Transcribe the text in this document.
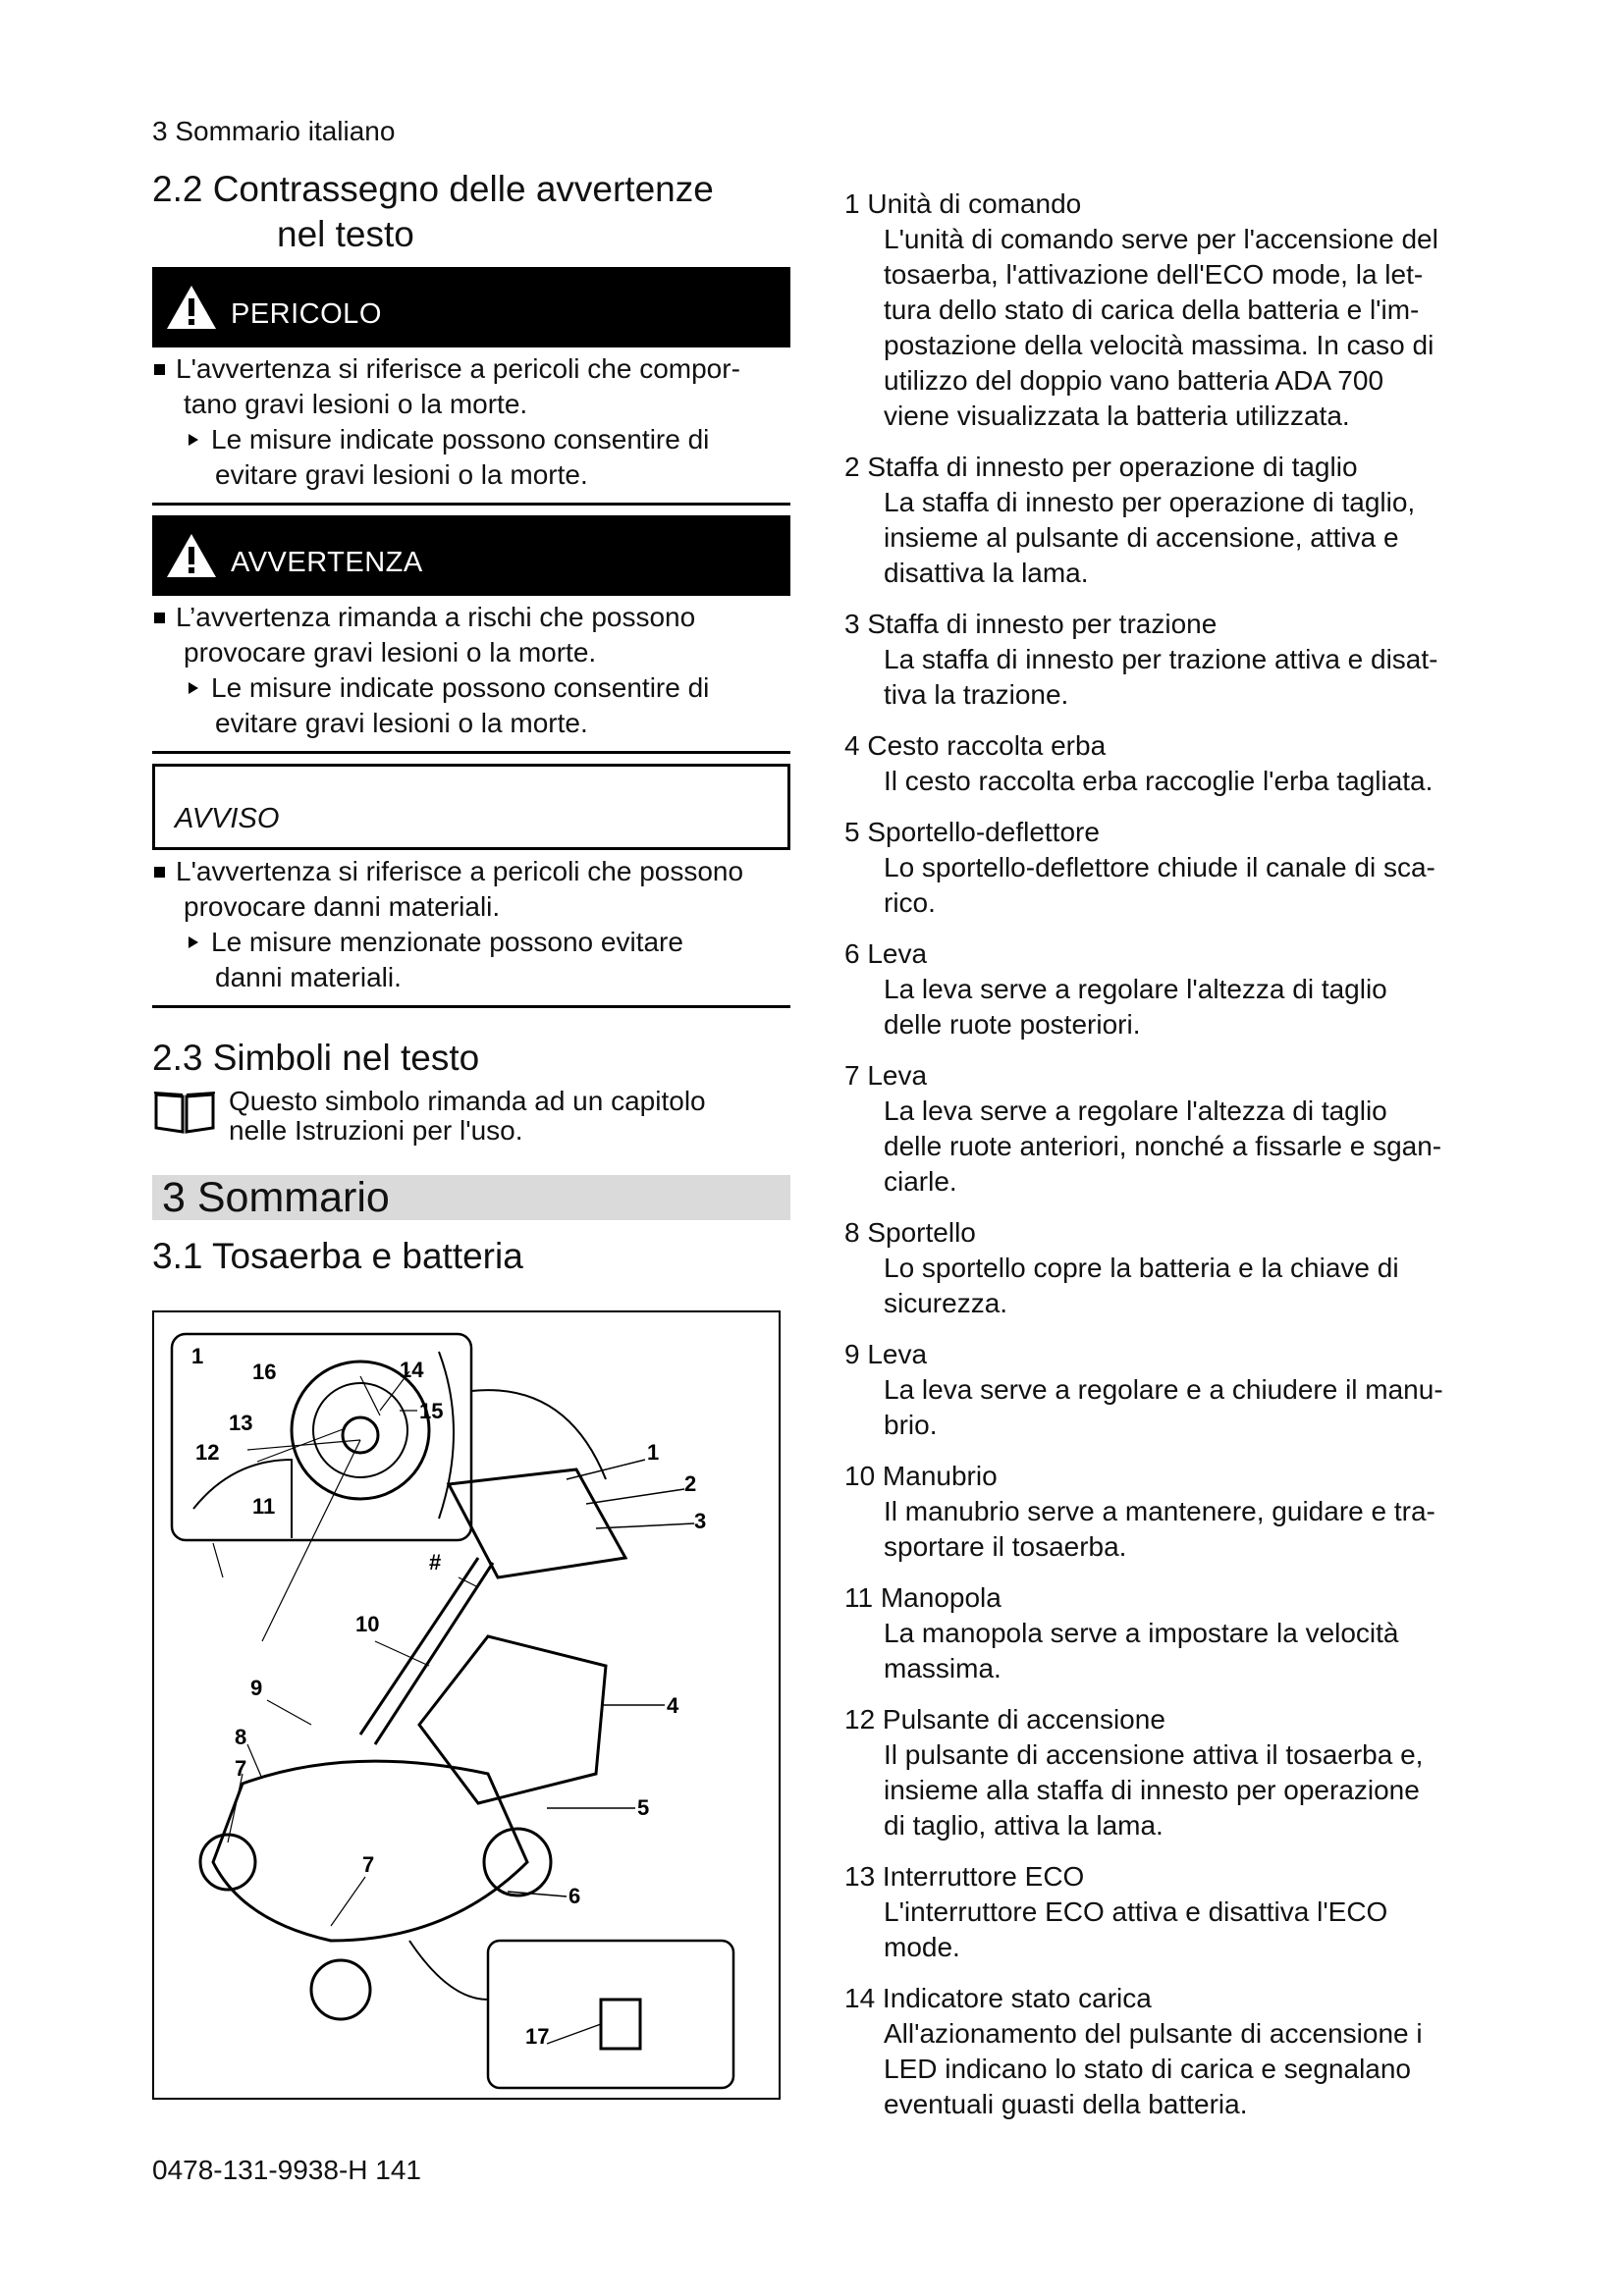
3 Sommario italiano
2.2 Contrassegno delle avvertenze
nel testo
PERICOLO
L'avvertenza si riferisce a pericoli che compor-
tano gravi lesioni o la morte.
Le misure indicate possono consentire di
evitare gravi lesioni o la morte.
AVVERTENZA
L’avvertenza rimanda a rischi che possono
provocare gravi lesioni o la morte.
Le misure indicate possono consentire di
evitare gravi lesioni o la morte.
AVVISO
L'avvertenza si riferisce a pericoli che possono
provocare danni materiali.
Le misure menzionate possono evitare
danni materiali.
2.3 Simboli nel testo
Questo simbolo rimanda ad un capitolo
nelle Istruzioni per l'uso.
3 Sommario
3.1 Tosaerba e batteria
1
16	14
15
13
12
11
1
2
3
#
10
4
9
8
5
7
7
6
17
1 Unità di comando
L'unità di comando serve per l'accensione del
tosaerba, l'attivazione dell'ECO mode, la let-
tura dello stato di carica della batteria e l'im-
postazione della velocità massima. In caso di
utilizzo del doppio vano batteria ADA 700
viene visualizzata la batteria utilizzata.
2 Staffa di innesto per operazione di taglio
La staffa di innesto per operazione di taglio,
insieme al pulsante di accensione, attiva e
disattiva la lama.
3 Staffa di innesto per trazione
La staffa di innesto per trazione attiva e disat-
tiva la trazione.
4 Cesto raccolta erba
Il cesto raccolta erba raccoglie l'erba tagliata.
5 Sportello-deflettore
Lo sportello-deflettore chiude il canale di sca-
rico.
6 Leva
La leva serve a regolare l'altezza di taglio
delle ruote posteriori.
7 Leva
La leva serve a regolare l'altezza di taglio
delle ruote anteriori, nonché a fissarle e sgan-
ciarle.
8 Sportello
Lo sportello copre la batteria e la chiave di
sicurezza.
9 Leva
La leva serve a regolare e a chiudere il manu-
brio.
10 Manubrio
Il manubrio serve a mantenere, guidare e tra-
sportare il tosaerba.
11 Manopola
La manopola serve a impostare la velocità
massima.
12 Pulsante di accensione
Il pulsante di accensione attiva il tosaerba e,
insieme alla staffa di innesto per operazione
di taglio, attiva la lama.
13 Interruttore ECO
L'interruttore ECO attiva e disattiva l'ECO
mode.
14 Indicatore stato carica
All'azionamento del pulsante di accensione i
LED indicano lo stato di carica e segnalano
eventuali guasti della batteria.
0478-131-9938-H 141
